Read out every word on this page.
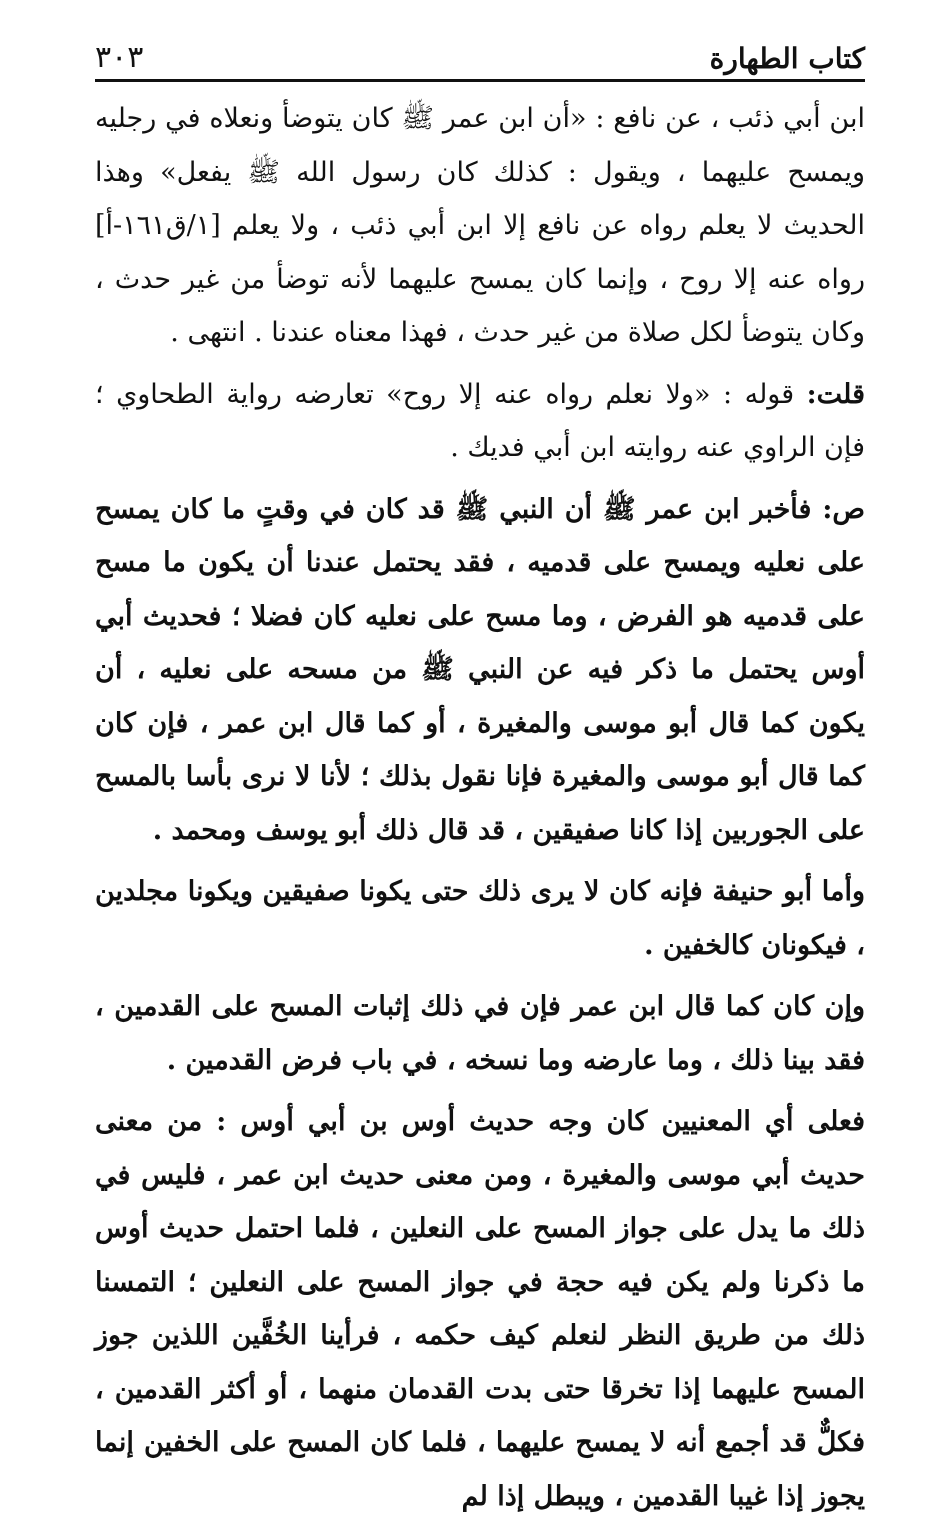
كتاب الطهارة
٣٠٣

ابن أبي ذئب ، عن نافع : «أن ابن عمر ﷺ كان يتوضأ ونعلاه في رجليه ويمسح عليهما ، ويقول : كذلك كان رسول الله ﷺ يفعل» وهذا الحديث لا يعلم رواه عن نافع إلا ابن أبي ذئب ، ولا يعلم [١/ق١٦١-أ] رواه عنه إلا روح ، وإنما كان يمسح عليهما لأنه توضأ من غير حدث ، وكان يتوضأ لكل صلاة من غير حدث ، فهذا معناه عندنا . انتهى .

قلت: قوله : «ولا نعلم رواه عنه إلا روح» تعارضه رواية الطحاوي ؛ فإن الراوي عنه روايته ابن أبي فديك .

ص: فأخبر ابن عمر ﷺ أن النبي ﷺ قد كان في وقتٍ ما كان يمسح على نعليه ويمسح على قدميه ، فقد يحتمل عندنا أن يكون ما مسح على قدميه هو الفرض ، وما مسح على نعليه كان فضلا ؛ فحديث أبي أوس يحتمل ما ذكر فيه عن النبي ﷺ من مسحه على نعليه ، أن يكون كما قال أبو موسى والمغيرة ، أو كما قال ابن عمر ، فإن كان كما قال أبو موسى والمغيرة فإنا نقول بذلك ؛ لأنا لا نرى بأسا بالمسح على الجوربين إذا كانا صفيقين ، قد قال ذلك أبو يوسف ومحمد .

وأما أبو حنيفة فإنه كان لا يرى ذلك حتى يكونا صفيقين ويكونا مجلدين ، فيكونان كالخفين .

وإن كان كما قال ابن عمر فإن في ذلك إثبات المسح على القدمين ، فقد بينا ذلك ، وما عارضه وما نسخه ، في باب فرض القدمين .

فعلى أي المعنيين كان وجه حديث أوس بن أبي أوس : من معنى حديث أبي موسى والمغيرة ، ومن معنى حديث ابن عمر ، فليس في ذلك ما يدل على جواز المسح على النعلين ، فلما احتمل حديث أوس ما ذكرنا ولم يكن فيه حجة في جواز المسح على النعلين ؛ التمسنا ذلك من طريق النظر لنعلم كيف حكمه ، فرأينا الخُفَّين اللذين جوز المسح عليهما إذا تخرقا حتى بدت القدمان منهما ، أو أكثر القدمين ، فكلٌّ قد أجمع أنه لا يمسح عليهما ، فلما كان المسح على الخفين إنما يجوز إذا غيبا القدمين ، ويبطل إذا لم
